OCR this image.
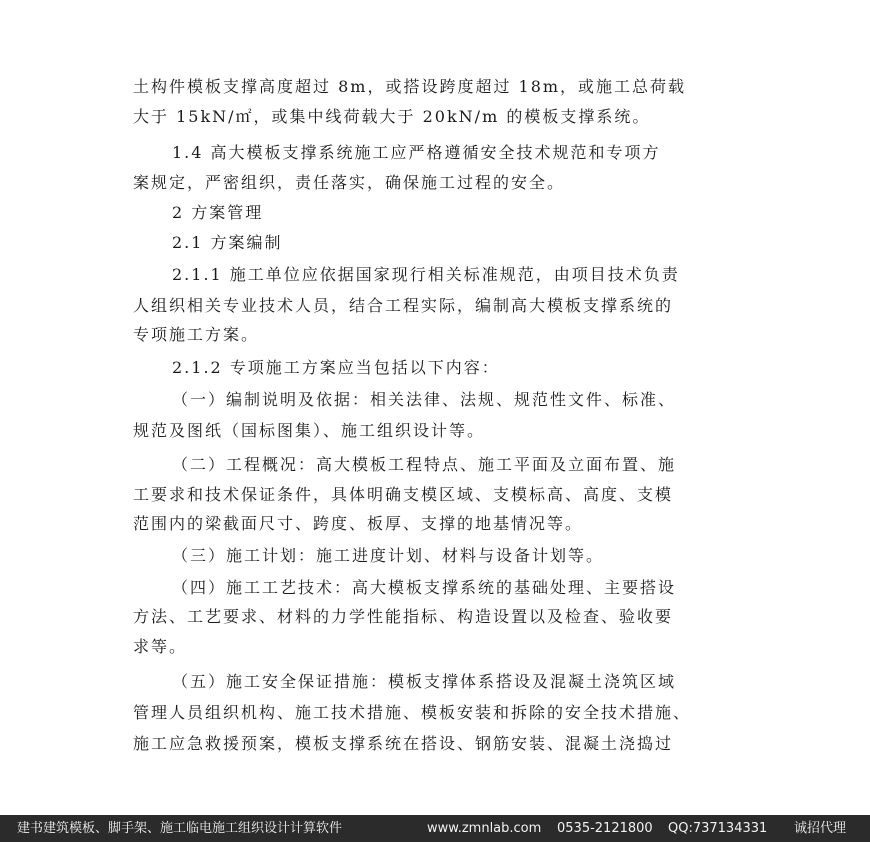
土构件模板支撑高度超过 8m，或搭设跨度超过 18m，或施工总荷载
大于 15kN/㎡，或集中线荷载大于 20kN/m 的模板支撑系统。
1.4 高大模板支撑系统施工应严格遵循安全技术规范和专项方
案规定，严密组织，责任落实，确保施工过程的安全。
2 方案管理
2.1 方案编制
2.1.1 施工单位应依据国家现行相关标准规范，由项目技术负责
人组织相关专业技术人员，结合工程实际，编制高大模板支撑系统的
专项施工方案。
2.1.2 专项施工方案应当包括以下内容：
（一）编制说明及依据：相关法律、法规、规范性文件、标准、
规范及图纸（国标图集）、施工组织设计等。
（二）工程概况：高大模板工程特点、施工平面及立面布置、施
工要求和技术保证条件，具体明确支模区域、支模标高、高度、支模
范围内的梁截面尺寸、跨度、板厚、支撑的地基情况等。
（三）施工计划：施工进度计划、材料与设备计划等。
（四）施工工艺技术：高大模板支撑系统的基础处理、主要搭设
方法、工艺要求、材料的力学性能指标、构造设置以及检查、验收要
求等。
（五）施工安全保证措施：模板支撑体系搭设及混凝土浇筑区域
管理人员组织机构、施工技术措施、模板安装和拆除的安全技术措施、
施工应急救援预案，模板支撑系统在搭设、钢筋安装、混凝土浇捣过
建书建筑模板、脚手架、施工临电施工组织设计计算软件	www.zmnlab.com 0535-2121800 QQ:737134331 诚招代理
